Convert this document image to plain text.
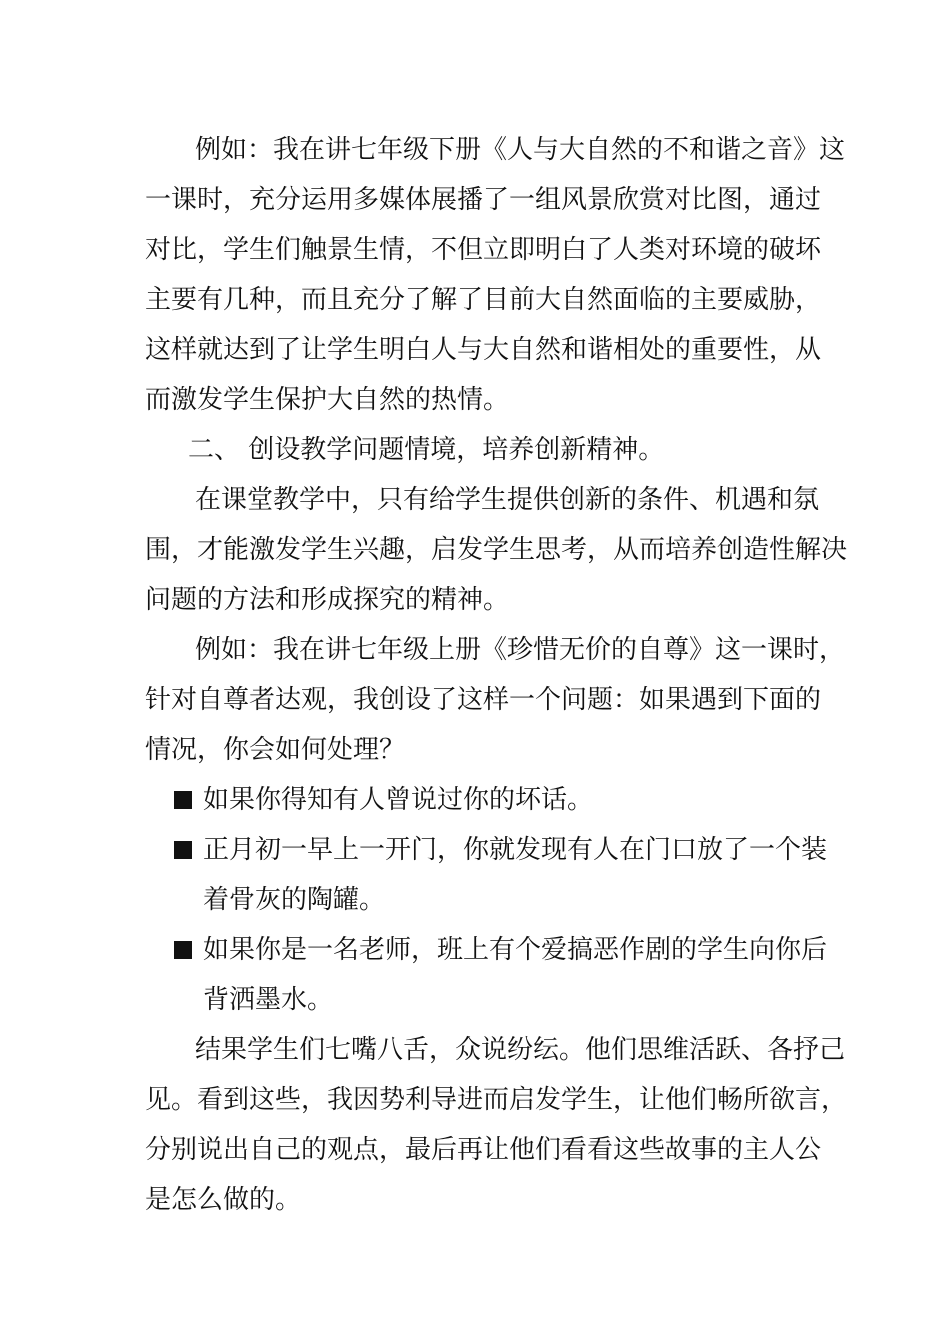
例如：我在讲七年级下册《人与大自然的不和谐之音》这
一课时，充分运用多媒体展播了一组风景欣赏对比图，通过
对比，学生们触景生情，不但立即明白了人类对环境的破坏
主要有几种，而且充分了解了目前大自然面临的主要威胁，
这样就达到了让学生明白人与大自然和谐相处的重要性，从
而激发学生保护大自然的热情。
二、 创设教学问题情境，培养创新精神。
在课堂教学中，只有给学生提供创新的条件、机遇和氛
围，才能激发学生兴趣，启发学生思考，从而培养创造性解决
问题的方法和形成探究的精神。
例如：我在讲七年级上册《珍惜无价的自尊》这一课时，
针对自尊者达观，我创设了这样一个问题：如果遇到下面的
情况，你会如何处理？
如果你得知有人曾说过你的坏话。
正月初一早上一开门，你就发现有人在门口放了一个装
着骨灰的陶罐。
如果你是一名老师，班上有个爱搞恶作剧的学生向你后
背洒墨水。
结果学生们七嘴八舌，众说纷纭。他们思维活跃、各抒己
见。看到这些，我因势利导进而启发学生，让他们畅所欲言，
分别说出自己的观点，最后再让他们看看这些故事的主人公
是怎么做的。
